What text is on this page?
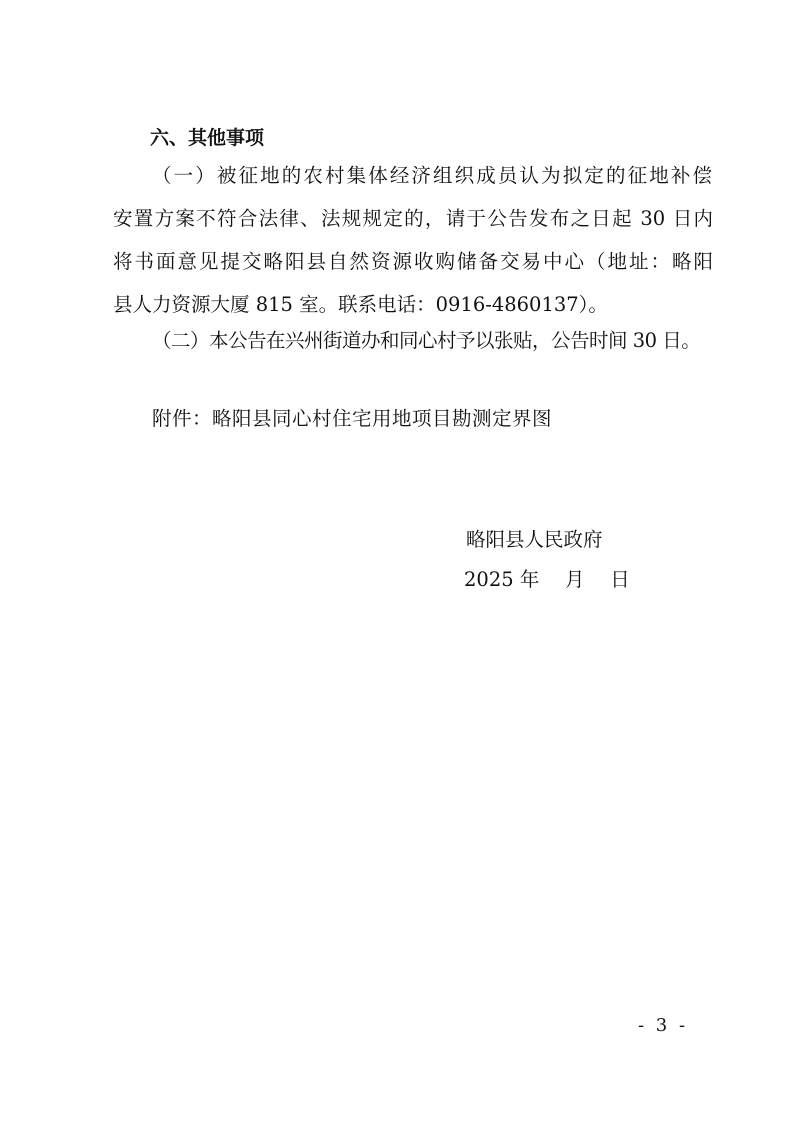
六、其他事项
（一）被征地的农村集体经济组织成员认为拟定的征地补偿
安置方案不符合法律、法规规定的，请于公告发布之日起 30 日内
将书面意见提交略阳县自然资源收购储备交易中心（地址：略阳
县人力资源大厦 815 室。联系电话：0916-4860137）。
（二）本公告在兴州街道办和同心村予以张贴，公告时间 30 日。
附件：略阳县同心村住宅用地项目勘测定界图
略阳县人民政府
2025 年　 月　 日
- 3 -
